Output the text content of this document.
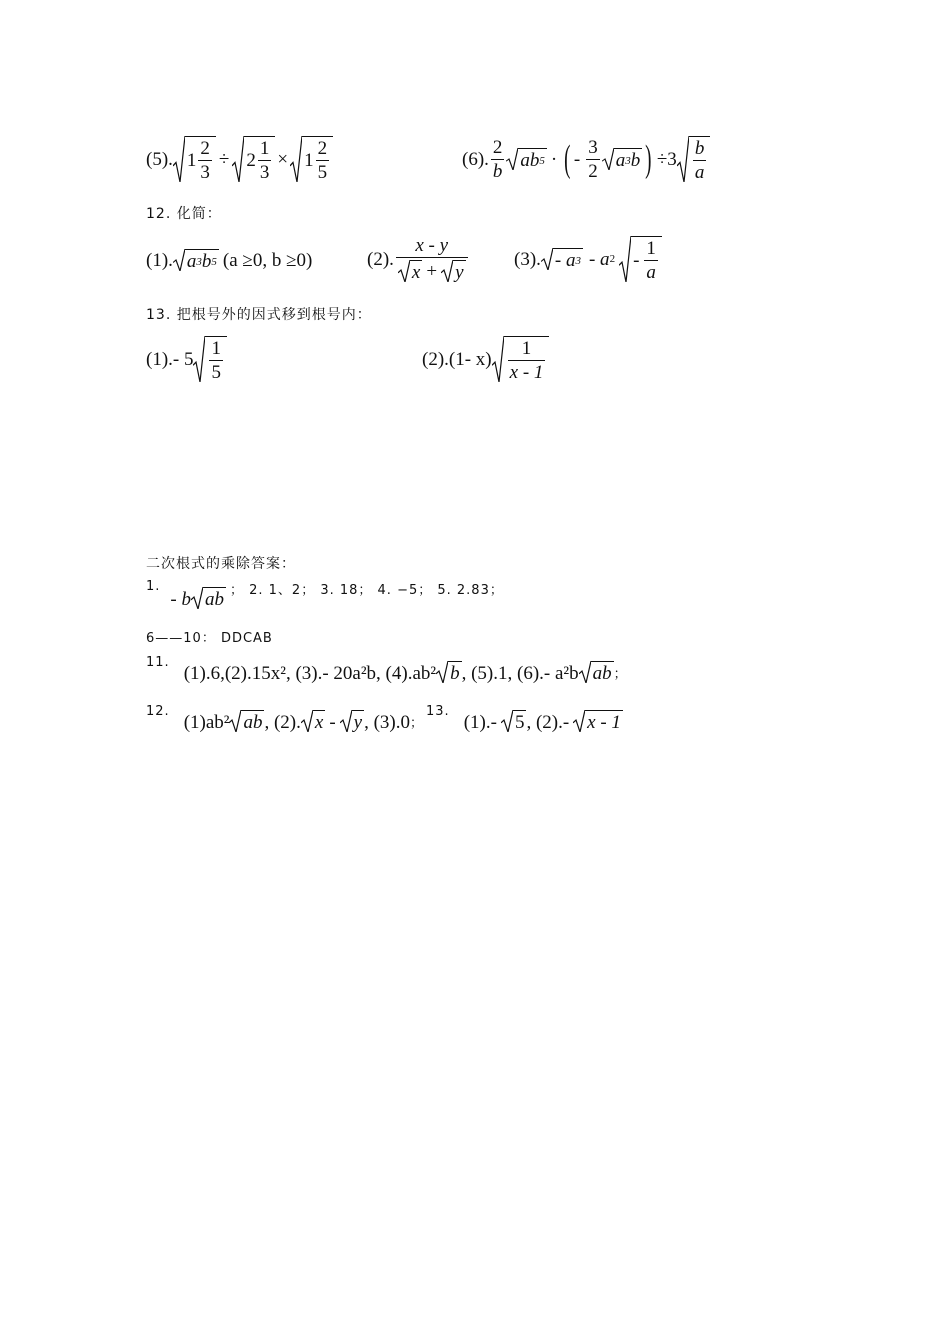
(5). $1 \frac{2}{3} \div 2 \frac{1}{3} \times 1 \frac{2}{5}$	(6). $\frac{2}{b}$ ab 5 · ( - $\frac{3}{2}$ a 3 b ) $\div 3 \frac{b}{a}$
12. 化简：
(1). a 3 b 5 (a ≥0, b ≥0)	(2). $\frac{x - y}{x + y} (3)$. - a 3 - a $2 - \frac{1}{a}$
13. 把根号外的因式移到根号内：
(1).- $5 \frac{1}{5}$	(2).(1- $x) \frac{1}{x - 1}$
二次根式的乘除答案：
1.
- b ab ； 2. 1、2； 3. 18； 4. −5； 5. 2.83；
6——10： DDCAB
11. (1).6,(2).15x², (3).- 20a²b, (4).ab² b , (5).1, (6).- a²b ab ；
12. (1)ab² ab , (2). x - y , (3).0 ；
13. (1).- 5 , (2).- x - 1
